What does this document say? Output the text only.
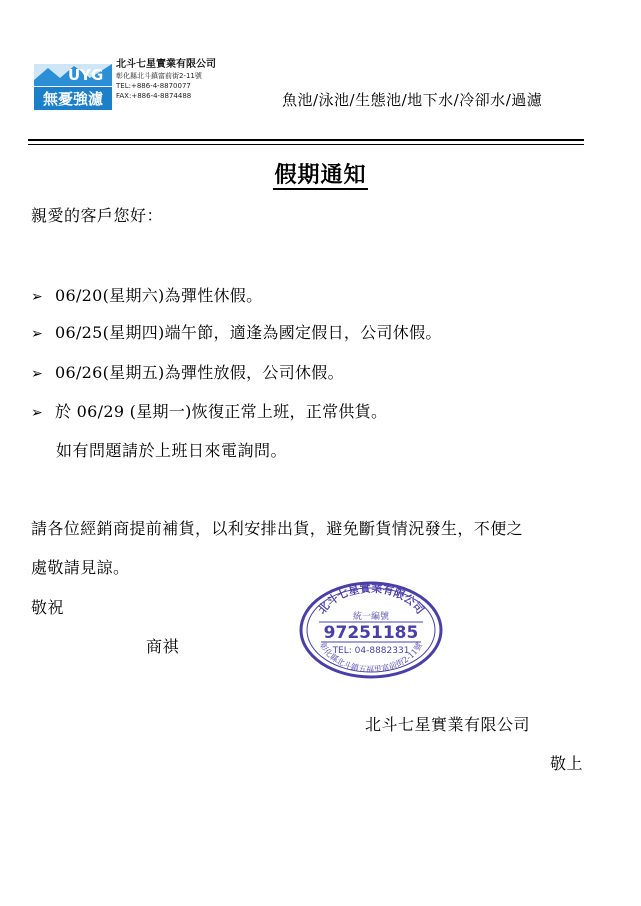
UYG
無憂強濾
北斗七星實業有限公司
彰化縣北斗鎮富前街2-11號
TEL:+886-4-8870077
FAX:+886-4-8874488	魚池/泳池/生態池/地下水/冷卻水/過濾
假期通知
親愛的客戶您好：
➢ 06/20(星期六)為彈性休假。
➢ 06/25(星期四)端午節，適逢為國定假日，公司休假。
➢ 06/26(星期五)為彈性放假，公司休假。
➢ 於 06/29 (星期一)恢復正常上班，正常供貨。
如有問題請於上班日來電詢問。
請各位經銷商提前補貨，以利安排出貨，避免斷貨情況發生，不便之
處敬請見諒。
敬祝
商祺
北斗七星實業有限公司
彰化縣北斗鎮五福里富前街2-11號
統一編號
97251185
TEL: 04-8882331
北斗七星實業有限公司
敬上
